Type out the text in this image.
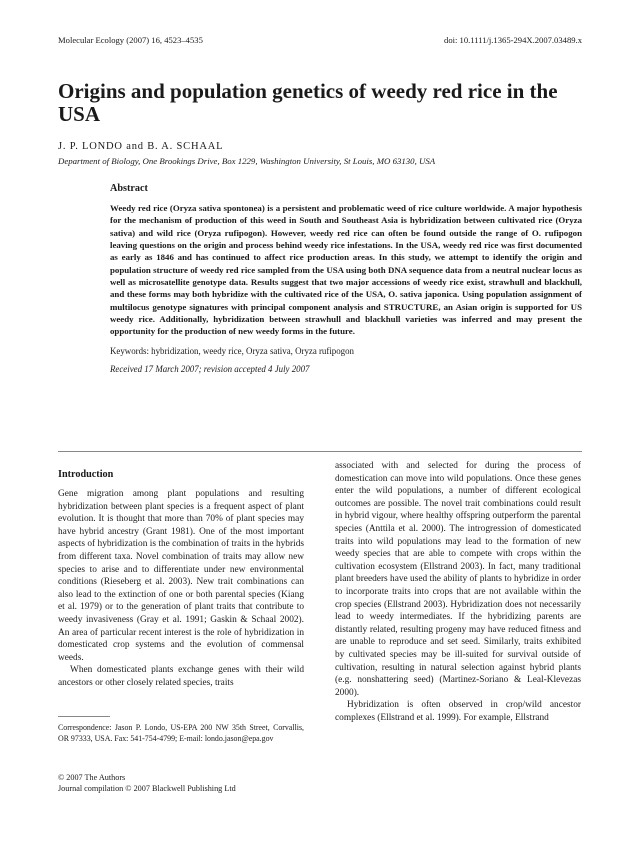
Molecular Ecology (2007) 16, 4523–4535	doi: 10.1111/j.1365-294X.2007.03489.x
Origins and population genetics of weedy red rice in the USA
J. P. LONDO and B. A. SCHAAL
Department of Biology, One Brookings Drive, Box 1229, Washington University, St Louis, MO 63130, USA
Abstract

Weedy red rice (Oryza sativa spontonea) is a persistent and problematic weed of rice culture worldwide. A major hypothesis for the mechanism of production of this weed in South and Southeast Asia is hybridization between cultivated rice (Oryza sativa) and wild rice (Oryza rufipogon). However, weedy red rice can often be found outside the range of O. rufipogon leaving questions on the origin and process behind weedy rice infestations. In the USA, weedy red rice was first documented as early as 1846 and has continued to affect rice production areas. In this study, we attempt to identify the origin and population structure of weedy red rice sampled from the USA using both DNA sequence data from a neutral nuclear locus as well as microsatellite genotype data. Results suggest that two major accessions of weedy rice exist, strawhull and blackhull, and these forms may both hybridize with the cultivated rice of the USA, O. sativa japonica. Using population assignment of multilocus genotype signatures with principal component analysis and STRUCTURE, an Asian origin is supported for US weedy rice. Additionally, hybridization between strawhull and blackhull varieties was inferred and may present the opportunity for the production of new weedy forms in the future.

Keywords: hybridization, weedy rice, Oryza sativa, Oryza rufipogon
Received 17 March 2007; revision accepted 4 July 2007
Introduction

Gene migration among plant populations and resulting hybridization between plant species is a frequent aspect of plant evolution. It is thought that more than 70% of plant species may have hybrid ancestry (Grant 1981). One of the most important aspects of hybridization is the combination of traits in the hybrids from different taxa. Novel combination of traits may allow new species to arise and to differentiate under new environmental conditions (Rieseberg et al. 2003). New trait combinations can also lead to the extinction of one or both parental species (Kiang et al. 1979) or to the generation of plant traits that contribute to weedy invasiveness (Gray et al. 1991; Gaskin & Schaal 2002). An area of particular recent interest is the role of hybridization in domesticated crop systems and the evolution of commensal weeds.

When domesticated plants exchange genes with their wild ancestors or other closely related species, traits

Correspondence: Jason P. Londo, US-EPA 200 NW 35th Street, Corvallis, OR 97333, USA. Fax: 541-754-4799; E-mail: londo.jason@epa.gov

associated with and selected for during the process of domestication can move into wild populations. Once these genes enter the wild populations, a number of different ecological outcomes are possible. The novel trait combinations could result in hybrid vigour, where healthy offspring outperform the parental species (Anttila et al. 2000). The introgression of domesticated traits into wild populations may lead to the formation of new weedy species that are able to compete with crops within the cultivation ecosystem (Ellstrand 2003). In fact, many traditional plant breeders have used the ability of plants to hybridize in order to incorporate traits into crops that are not available within the crop species (Ellstrand 2003). Hybridization does not necessarily lead to weedy intermediates. If the hybridizing parents are distantly related, resulting progeny may have reduced fitness and are unable to reproduce and set seed. Similarly, traits exhibited by cultivated species may be ill-suited for survival outside of cultivation, resulting in natural selection against hybrid plants (e.g. nonshattering seed) (Martinez-Soriano & Leal-Klevezas 2000).

Hybridization is often observed in crop/wild ancestor complexes (Ellstrand et al. 1999). For example, Ellstrand

© 2007 The Authors
Journal compilation © 2007 Blackwell Publishing Ltd
